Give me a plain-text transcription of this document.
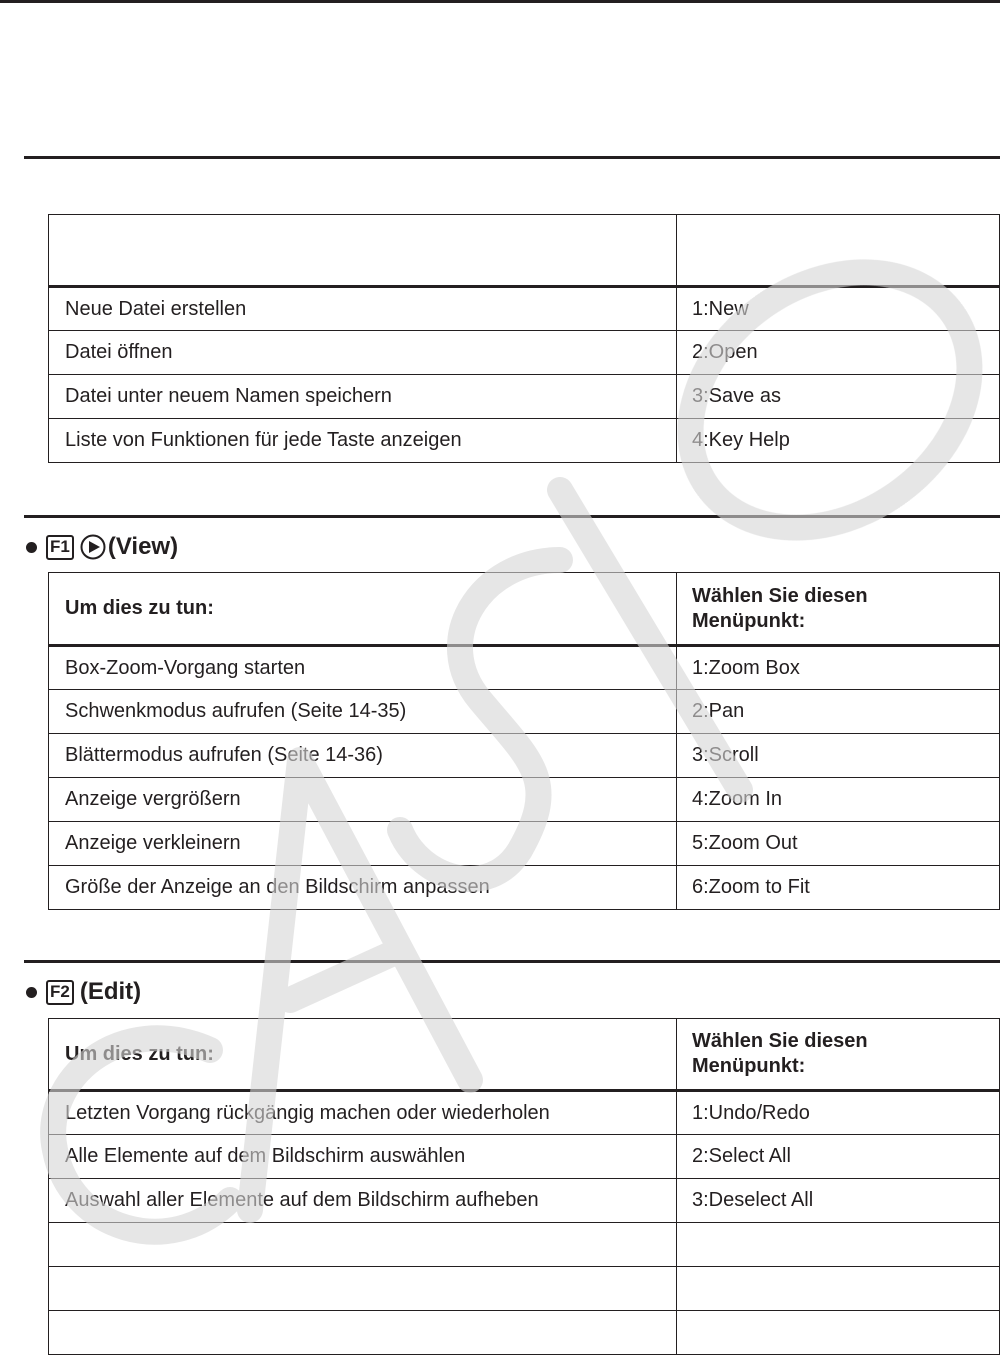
Neue Datei erstellen	1:New
Datei öffnen	2:Open
Datei unter neuem Namen speichern	3:Save as
Liste von Funktionen für jede Taste anzeigen	4:Key Help
F1 (View)
Um dies zu tun:	Wählen Sie diesen Menüpunkt:
Box-Zoom-Vorgang starten	1:Zoom Box
Schwenkmodus aufrufen (Seite 14-35)	2:Pan
Blättermodus aufrufen (Seite 14-36)	3:Scroll
Anzeige vergrößern	4:Zoom In
Anzeige verkleinern	5:Zoom Out
Größe der Anzeige an den Bildschirm anpassen	6:Zoom to Fit
F2 (Edit)
Um dies zu tun:	Wählen Sie diesen Menüpunkt:
Letzten Vorgang rückgängig machen oder wiederholen	1:Undo/Redo
Alle Elemente auf dem Bildschirm auswählen	2:Select All
Auswahl aller Elemente auf dem Bildschirm aufheben	3:Deselect All
